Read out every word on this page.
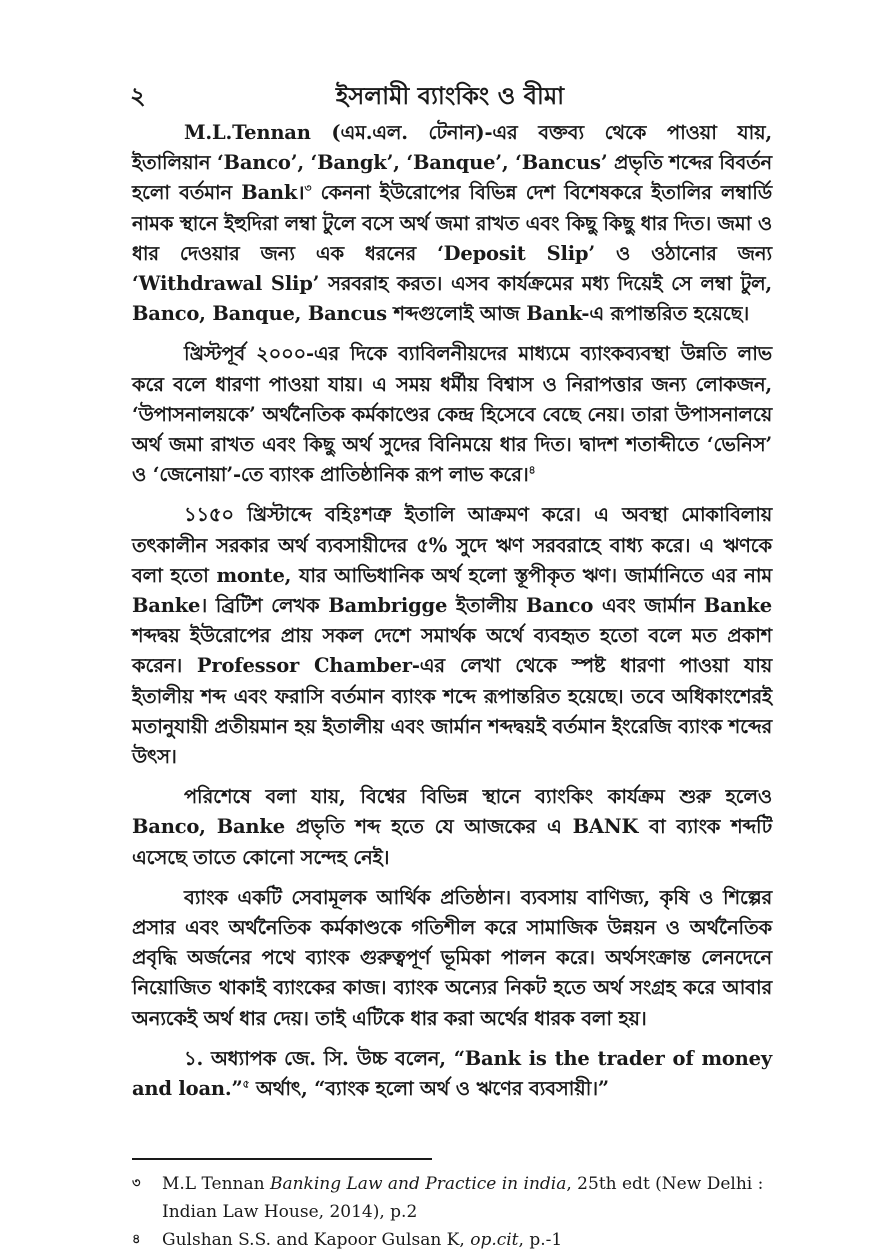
২	ইসলামী ব্যাংকিং ও বীমা

M.L.Tennan (এম.এল. টেনান)-এর বক্তব্য থেকে পাওয়া যায়, ইতালিয়ান ‘Banco’, ‘Bangk’, ‘Banque’, ‘Bancus’ প্রভৃতি শব্দের বিবর্তন হলো বর্তমান Bank।$^৩$ কেননা ইউরোপের বিভিন্ন দেশ বিশেষকরে ইতালির লম্বার্ডি নামক স্থানে ইহুদিরা লম্বা টুলে বসে অর্থ জমা রাখত এবং কিছু কিছু ধার দিত। জমা ও ধার দেওয়ার জন্য এক ধরনের ‘Deposit Slip’ ও ওঠানোর জন্য ‘Withdrawal Slip’ সরবরাহ করত। এসব কার্যক্রমের মধ্য দিয়েই সে লম্বা টুল, Banco, Banque, Bancus শব্দগুলোই আজ Bank-এ রূপান্তরিত হয়েছে।

খ্রিস্টপূর্ব ২০০০-এর দিকে ব্যাবিলনীয়দের মাধ্যমে ব্যাংকব্যবস্থা উন্নতি লাভ করে বলে ধারণা পাওয়া যায়। এ সময় ধর্মীয় বিশ্বাস ও নিরাপত্তার জন্য লোকজন, ‘উপাসনালয়কে’ অর্থনৈতিক কর্মকাণ্ডের কেন্দ্র হিসেবে বেছে নেয়। তারা উপাসনালয়ে অর্থ জমা রাখত এবং কিছু অর্থ সুদের বিনিময়ে ধার দিত। দ্বাদশ শতাব্দীতে ‘ভেনিস’ ও ‘জেনোয়া’-তে ব্যাংক প্রাতিষ্ঠানিক রূপ লাভ করে।$^৪$

১১৫০ খ্রিস্টাব্দে বহিঃশত্রু ইতালি আক্রমণ করে। এ অবস্থা মোকাবিলায় তৎকালীন সরকার অর্থ ব্যবসায়ীদের ৫% সুদে ঋণ সরবরাহে বাধ্য করে। এ ঋণকে বলা হতো monte, যার আভিধানিক অর্থ হলো স্তূপীকৃত ঋণ। জার্মানিতে এর নাম Banke। ব্রিটিশ লেখক Bambrigge ইতালীয় Banco এবং জার্মান Banke শব্দদ্বয় ইউরোপের প্রায় সকল দেশে সমার্থক অর্থে ব্যবহৃত হতো বলে মত প্রকাশ করেন। Professor Chamber-এর লেখা থেকে স্পষ্ট ধারণা পাওয়া যায় ইতালীয় শব্দ এবং ফরাসি বর্তমান ব্যাংক শব্দে রূপান্তরিত হয়েছে। তবে অধিকাংশেরই মতানুযায়ী প্রতীয়মান হয় ইতালীয় এবং জার্মান শব্দদ্বয়ই বর্তমান ইংরেজি ব্যাংক শব্দের উৎস।

পরিশেষে বলা যায়, বিশ্বের বিভিন্ন স্থানে ব্যাংকিং কার্যক্রম শুরু হলেও Banco, Banke প্রভৃতি শব্দ হতে যে আজকের এ BANK বা ব্যাংক শব্দটি এসেছে তাতে কোনো সন্দেহ নেই।

ব্যাংক একটি সেবামূলক আর্থিক প্রতিষ্ঠান। ব্যবসায় বাণিজ্য, কৃষি ও শিল্পের প্রসার এবং অর্থনৈতিক কর্মকাণ্ডকে গতিশীল করে সামাজিক উন্নয়ন ও অর্থনৈতিক প্রবৃদ্ধি অর্জনের পথে ব্যাংক গুরুত্বপূর্ণ ভূমিকা পালন করে। অর্থসংক্রান্ত লেনদেনে নিয়োজিত থাকাই ব্যাংকের কাজ। ব্যাংক অন্যের নিকট হতে অর্থ সংগ্রহ করে আবার অন্যকেই অর্থ ধার দেয়। তাই এটিকে ধার করা অর্থের ধারক বলা হয়।

১. অধ্যাপক জে. সি. উচ্চ বলেন, “Bank is the trader of money and loan.”$^৫$ অর্থাৎ, “ব্যাংক হলো অর্থ ও ঋণের ব্যবসায়ী।”

৩ M.L Tennan Banking Law and Practice in india, 25th edt (New Delhi : Indian Law House, 2014), p.2
৪ Gulshan S.S. and Kapoor Gulsan K, op.cit, p.-1
